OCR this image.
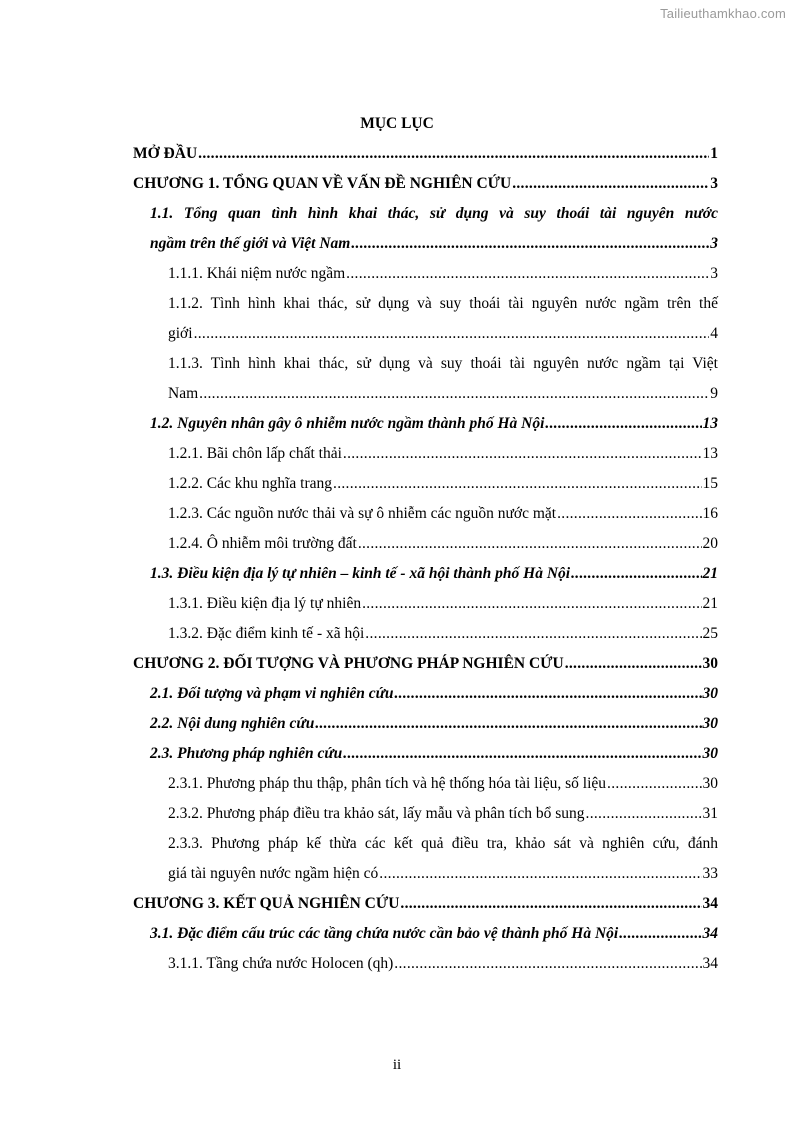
Tailieuthamkhao.com
MỤC LỤC
MỞ ĐẦU .....	1
CHƯƠNG 1. TỔNG QUAN VỀ VẤN ĐỀ NGHIÊN CỨU .....	3
1.1. Tổng quan tình hình khai thác, sử dụng và suy thoái tài nguyên nước
ngầm trên thế giới và Việt Nam .....	3
1.1.1. Khái niệm nước ngầm .....	3
1.1.2. Tình hình khai thác, sử dụng và suy thoái tài nguyên nước ngầm trên thế
giới .....	4
1.1.3. Tình hình khai thác, sử dụng và suy thoái tài nguyên nước ngầm tại Việt
Nam .....	9
1.2. Nguyên nhân gây ô nhiễm nước ngầm thành phố Hà Nội .....	13
1.2.1. Bãi chôn lấp chất thải .....	13
1.2.2. Các khu nghĩa trang .....	15
1.2.3. Các nguồn nước thải và sự ô nhiễm các nguồn nước mặt .....	16
1.2.4. Ô nhiễm môi trường đất .....	20
1.3. Điều kiện địa lý tự nhiên – kinh tế - xã hội thành phố Hà Nội .....	21
1.3.1. Điều kiện địa lý tự nhiên .....	21
1.3.2. Đặc điểm kinh tế - xã hội .....	25
CHƯƠNG 2. ĐỐI TƯỢNG VÀ PHƯƠNG PHÁP NGHIÊN CỨU .....	30
2.1. Đối tượng và phạm vi nghiên cứu .....	30
2.2. Nội dung nghiên cứu .....	30
2.3. Phương pháp nghiên cứu .....	30
2.3.1. Phương pháp thu thập, phân tích và hệ thống hóa tài liệu, số liệu .....	30
2.3.2. Phương pháp điều tra khảo sát, lấy mẫu và phân tích bổ sung .....	31
2.3.3. Phương pháp kế thừa các kết quả điều tra, khảo sát và nghiên cứu, đánh
giá tài nguyên nước ngầm hiện có .....	33
CHƯƠNG 3. KẾT QUẢ NGHIÊN CỨU .....	34
3.1. Đặc điểm cấu trúc các tầng chứa nước cần bảo vệ thành phố Hà Nội .....	34
3.1.1. Tầng chứa nước Holocen (qh) .....	34
ii
